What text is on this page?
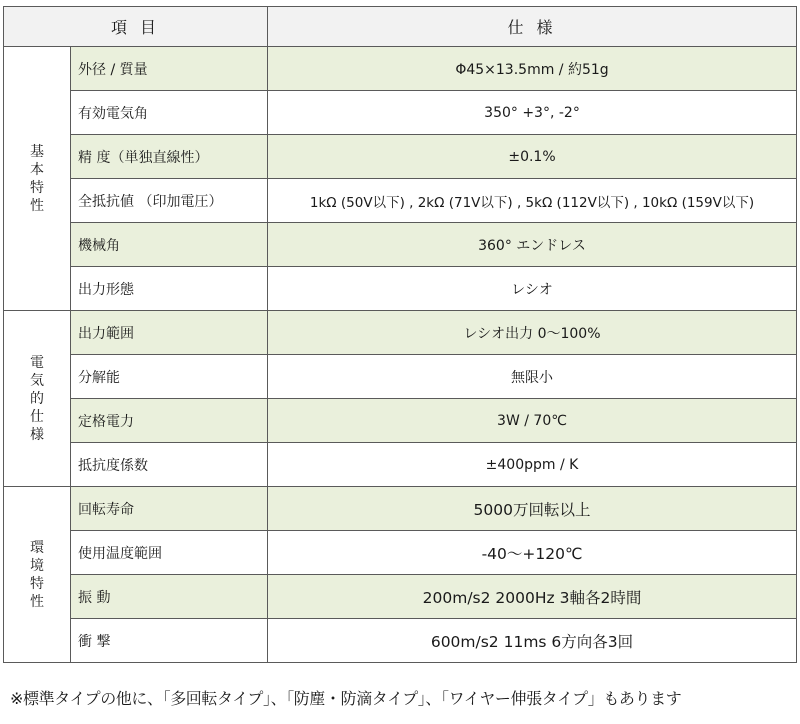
項 目		仕 様
基本特性	外径 / 質量	Φ45×13.5mm / 約51g
	有効電気角	350° +3°, -2°
	精 度（単独直線性）	±0.1%
	全抵抗値 （印加電圧）	1kΩ (50V以下) , 2kΩ (71V以下) , 5kΩ (112V以下) , 10kΩ (159V以下)
	機械角	360° エンドレス
	出力形態	レシオ
電気的仕様	出力範囲	レシオ出力 0～100%
	分解能	無限小
	定格電力	3W / 70℃
	抵抗度係数	±400ppm / K
環境特性	回転寿命	5000万回転以上
	使用温度範囲	-40～+120℃
	振 動	200m/s2 2000Hz 3軸各2時間
	衝 撃	600m/s2 11ms 6方向各3回
※標準タイプの他に、「多回転タイプ」、「防塵・防滴タイプ」、「ワイヤー伸張タイプ」もあります
